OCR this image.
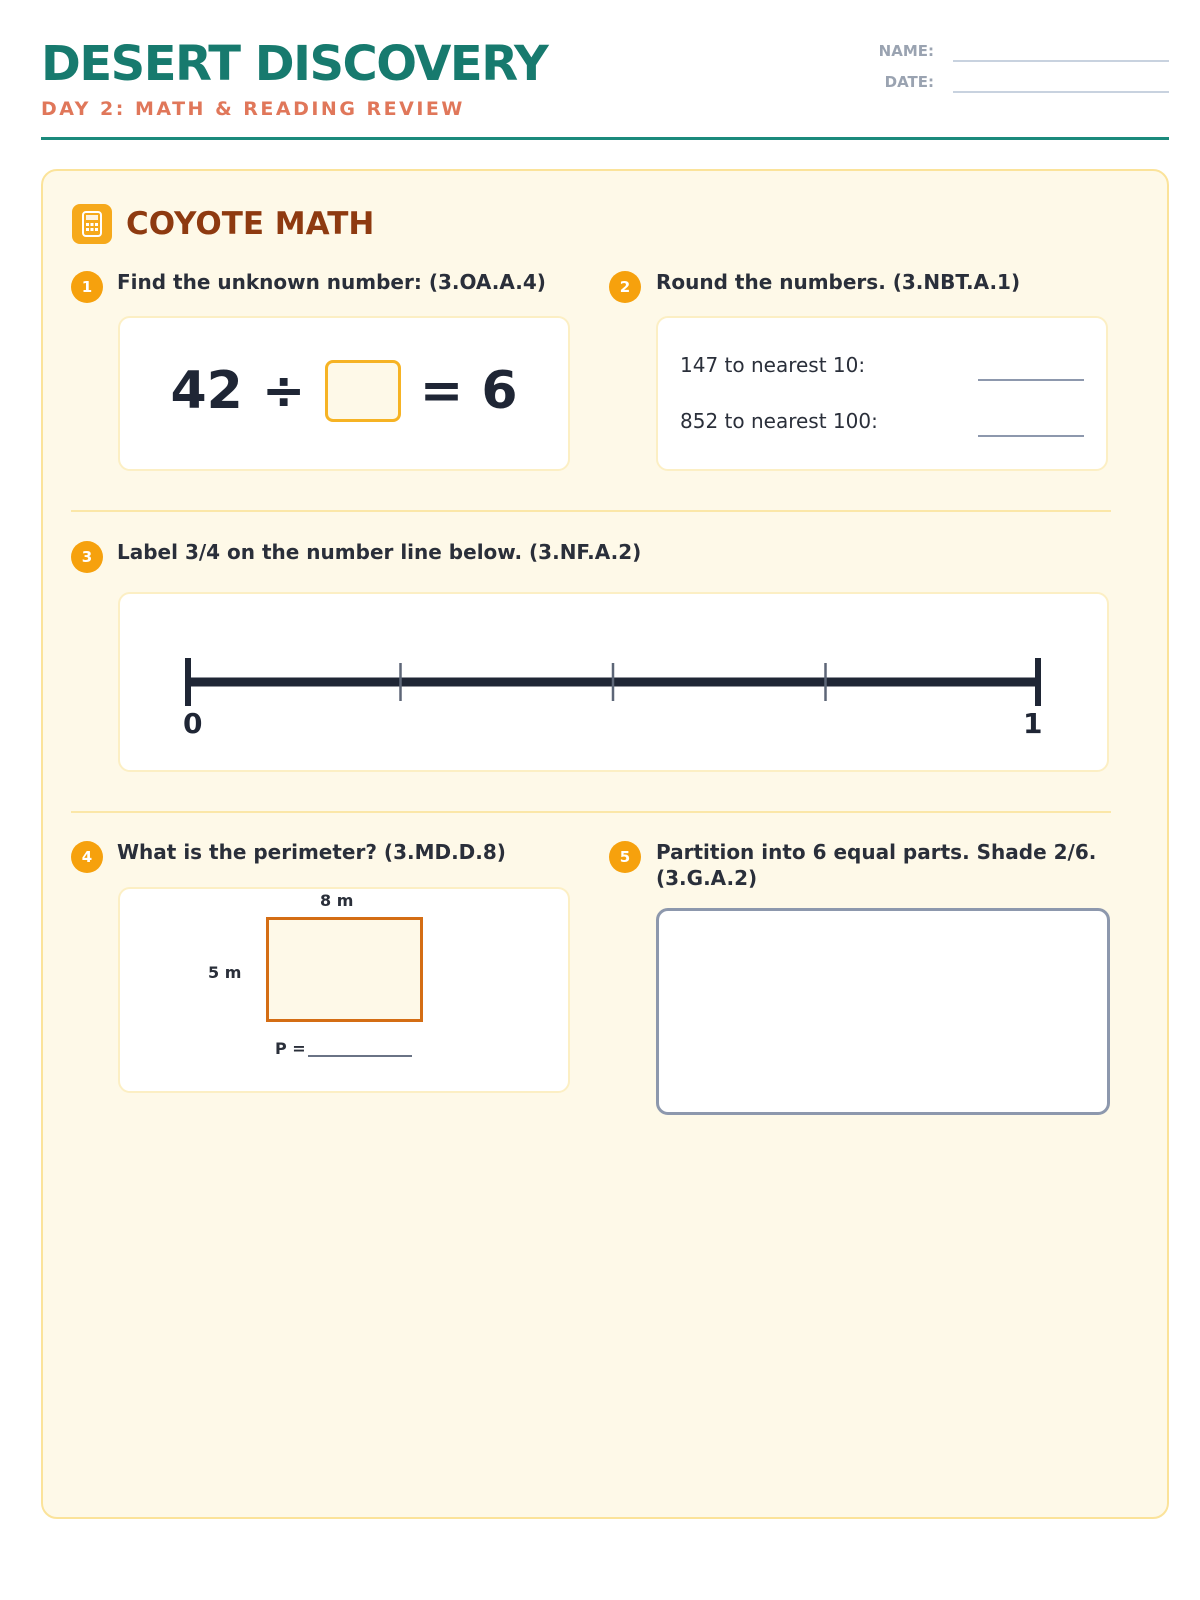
DESERT DISCOVERY
DAY 2: MATH & READING REVIEW
NAME:
DATE:
COYOTE MATH
1	Find the unknown number: (3.OA.A.4)
42 ÷ = 6
2	Round the numbers. (3.NBT.A.1)
147 to nearest 10:
852 to nearest 100:
3	Label 3/4 on the number line below. (3.NF.A.2)
0	1
4	What is the perimeter? (3.MD.D.8)
8 m
5 m
P =
5	Partition into 6 equal parts. Shade 2/6.
(3.G.A.2)
